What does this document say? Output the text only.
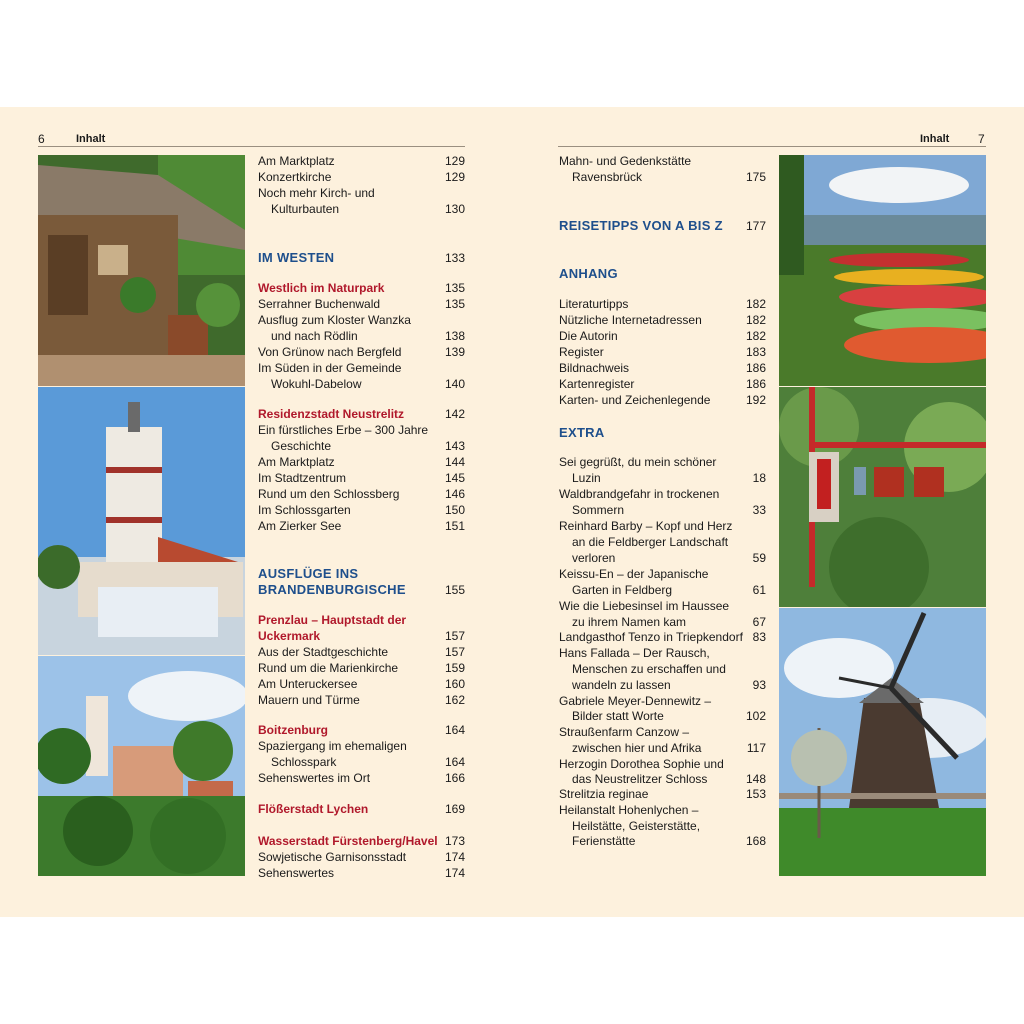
6	Inhalt	Inhalt 7
Am Marktplatz	129
Konzertkirche	129
Noch mehr Kirch- und
Kulturbauten	130
IM WESTEN	133
Westlich im Naturpark	135
Serrahner Buchenwald	135
Ausflug zum Kloster Wanzka
und nach Rödlin	138
Von Grünow nach Bergfeld	139
Im Süden in der Gemeinde
Wokuhl-Dabelow	140
Residenzstadt Neustrelitz	142
Ein fürstliches Erbe – 300 Jahre
Geschichte	143
Am Marktplatz	144
Im Stadtzentrum	145
Rund um den Schlossberg	146
Im Schlossgarten	150
Am Zierker See	151
AUSFLÜGE INS
BRANDENBURGISCHE	155
Prenzlau – Hauptstadt der
Uckermark	157
Aus der Stadtgeschichte	157
Rund um die Marienkirche	159
Am Unteruckersee	160
Mauern und Türme	162
Boitzenburg	164
Spaziergang im ehemaligen
Schlosspark	164
Sehenswertes im Ort	166
Flößerstadt Lychen	169
Wasserstadt Fürstenberg/Havel 173
Sowjetische Garnisonsstadt	174
Sehenswertes	174
Mahn- und Gedenkstätte
Ravensbrück	175
REISETIPPS VON A BIS Z 177
ANHANG
Literaturtipps	182
Nützliche Internetadressen	182
Die Autorin	182
Register	183
Bildnachweis	186
Kartenregister	186
Karten- und Zeichenlegende	192
EXTRA
Sei gegrüßt, du mein schöner
Luzin	18
Waldbrandgefahr in trockenen
Sommern	33
Reinhard Barby – Kopf und Herz
an die Feldberger Landschaft
verloren	59
Keissu-En – der Japanische
Garten in Feldberg	61
Wie die Liebesinsel im Haussee
zu ihrem Namen kam	67
Landgasthof Tenzo in Triepkendorf 83
Hans Fallada – Der Rausch,
Menschen zu erschaffen und
wandeln zu lassen	93
Gabriele Meyer-Dennewitz –
Bilder statt Worte	102
Straußenfarm Canzow –
zwischen hier und Afrika	117
Herzogin Dorothea Sophie und
das Neustrelitzer Schloss	148
Strelitzia reginae	153
Heilanstalt Hohenlychen –
Heilstätte, Geisterstätte,
Ferienstätte	168
